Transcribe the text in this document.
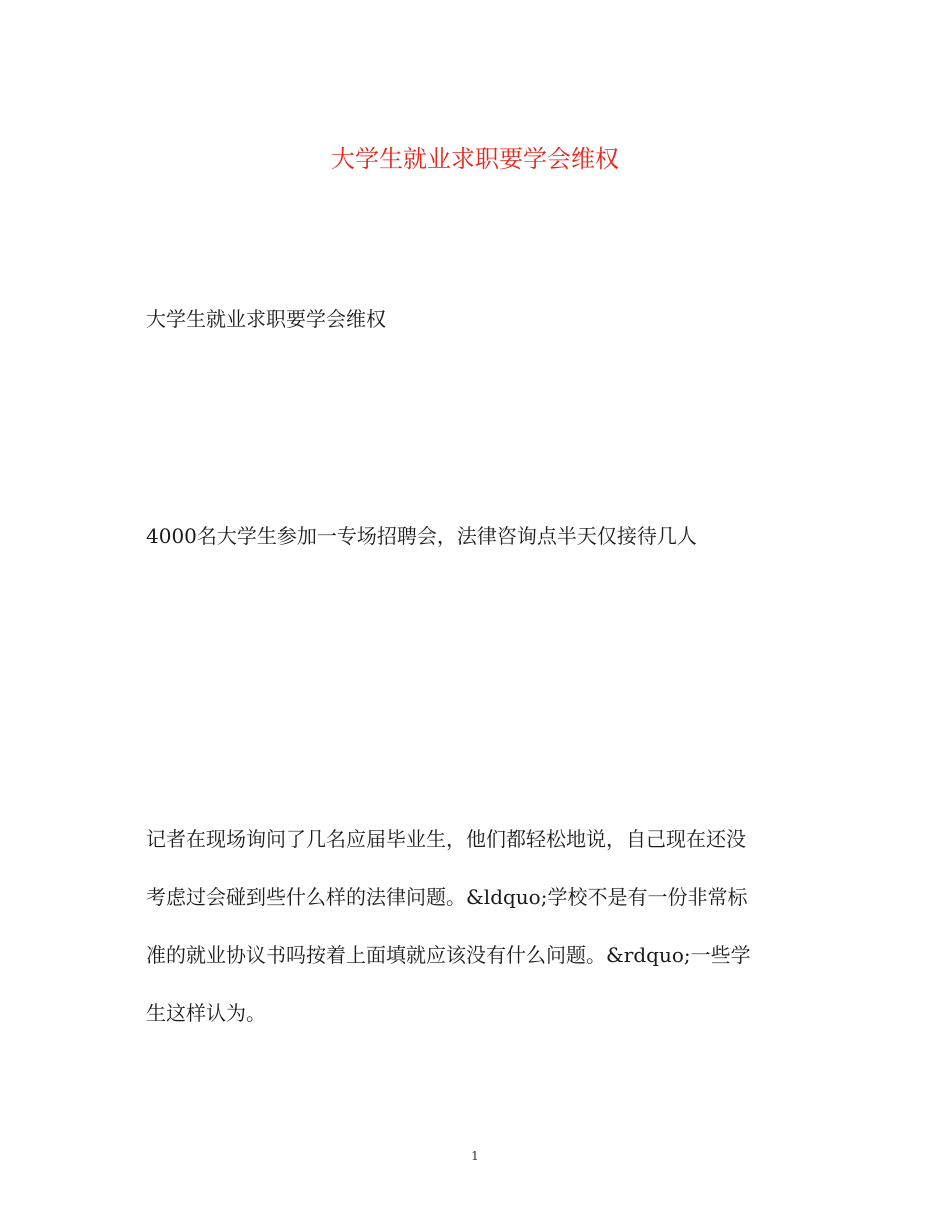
大学生就业求职要学会维权

大学生就业求职要学会维权

4000名大学生参加一专场招聘会，法律咨询点半天仅接待几人

记者在现场询问了几名应届毕业生，他们都轻松地说，自己现在还没
考虑过会碰到些什么样的法律问题。&ldquo;学校不是有一份非常标
准的就业协议书吗按着上面填就应该没有什么问题。&rdquo;一些学
生这样认为。

1
